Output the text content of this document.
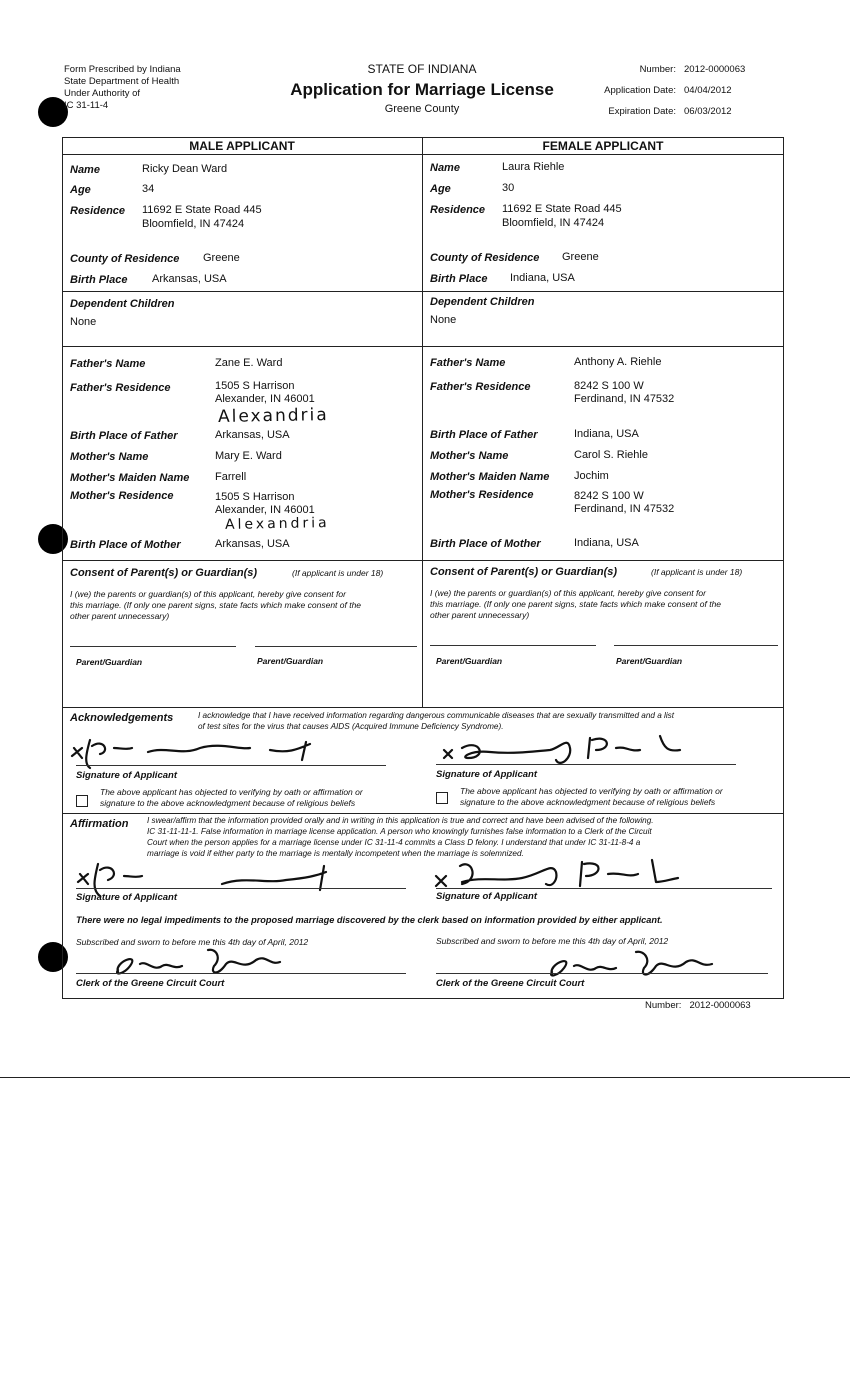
Form Prescribed by Indiana
State Department of Health
Under Authority of
IC 31-11-4
STATE OF INDIANA
Application for Marriage License
Greene County
Number: 2012-0000063
Application Date: 04/04/2012
Expiration Date: 06/03/2012
MALE APPLICANT	FEMALE APPLICANT
Name	Ricky Dean Ward
Age	34
Residence 11692 E State Road 445
Bloomfield, IN 47424
County of Residence Greene
Birth Place Arkansas, USA
Dependent Children
None
Father's Name	Zane E. Ward
Father's Residence	1505 S Harrison
Alexander, IN 46001
Alexandria
Birth Place of Father	Arkansas, USA
Mother's Name	Mary E. Ward
Mother's Maiden Name Farrell
Mother's Residence	1505 S Harrison
Alexander, IN 46001
Alexandria
Birth Place of Mother	Arkansas, USA
Name	Laura Riehle
Age	30
Residence 11692 E State Road 445
Bloomfield, IN 47424
County of Residence Greene
Birth Place Indiana, USA
Dependent Children
None
Father's Name	Anthony A. Riehle
Father's Residence	8242 S 100 W
Ferdinand, IN 47532
Birth Place of Father	Indiana, USA
Mother's Name	Carol S. Riehle
Mother's Maiden Name Jochim
Mother's Residence	8242 S 100 W
Ferdinand, IN 47532
Birth Place of Mother	Indiana, USA
Consent of Parent(s) or Guardian(s)	(If applicant is under 18)
I (we) the parents or guardian(s) of this applicant, hereby give consent for
this marriage. (If only one parent signs, state facts which make consent of the
other parent unnecessary)
Parent/Guardian	Parent/Guardian
Consent of Parent(s) or Guardian(s)	(If applicant is under 18)
I (we) the parents or guardian(s) of this applicant, hereby give consent for
this marriage. (If only one parent signs, state facts which make consent of the
other parent unnecessary)
Parent/Guardian	Parent/Guardian
Acknowledgements	I acknowledge that I have received information regarding dangerous communicable diseases that are sexually transmitted and a list
of test sites for the virus that causes AIDS (Acquired Immune Deficiency Syndrome).
Signature of Applicant
The above applicant has objected to verifying by oath or affirmation or
signature to the above acknowledgment because of religious beliefs
Signature of Applicant
The above applicant has objected to verifying by oath or affirmation or
signature to the above acknowledgment because of religious beliefs
Affirmation I swear/affirm that the information provided orally and in writing in this application is true and correct and have been advised of the following.
IC 31-11-11-1. False information in marriage license application. A person who knowingly furnishes false information to a Clerk of the Circuit
Court when the person applies for a marriage license under IC 31-11-4 commits a Class D felony. I understand that under IC 31-11-8-4 a
marriage is void if either party to the marriage is mentally incompetent when the marriage is solemnized.
Signature of Applicant	Signature of Applicant
There were no legal impediments to the proposed marriage discovered by the clerk based on information provided by either applicant.
Subscribed and sworn to before me this 4th day of April, 2012
Clerk of the Greene Circuit Court
Subscribed and sworn to before me this 4th day of April, 2012
Clerk of the Greene Circuit Court
Number: 2012-0000063
